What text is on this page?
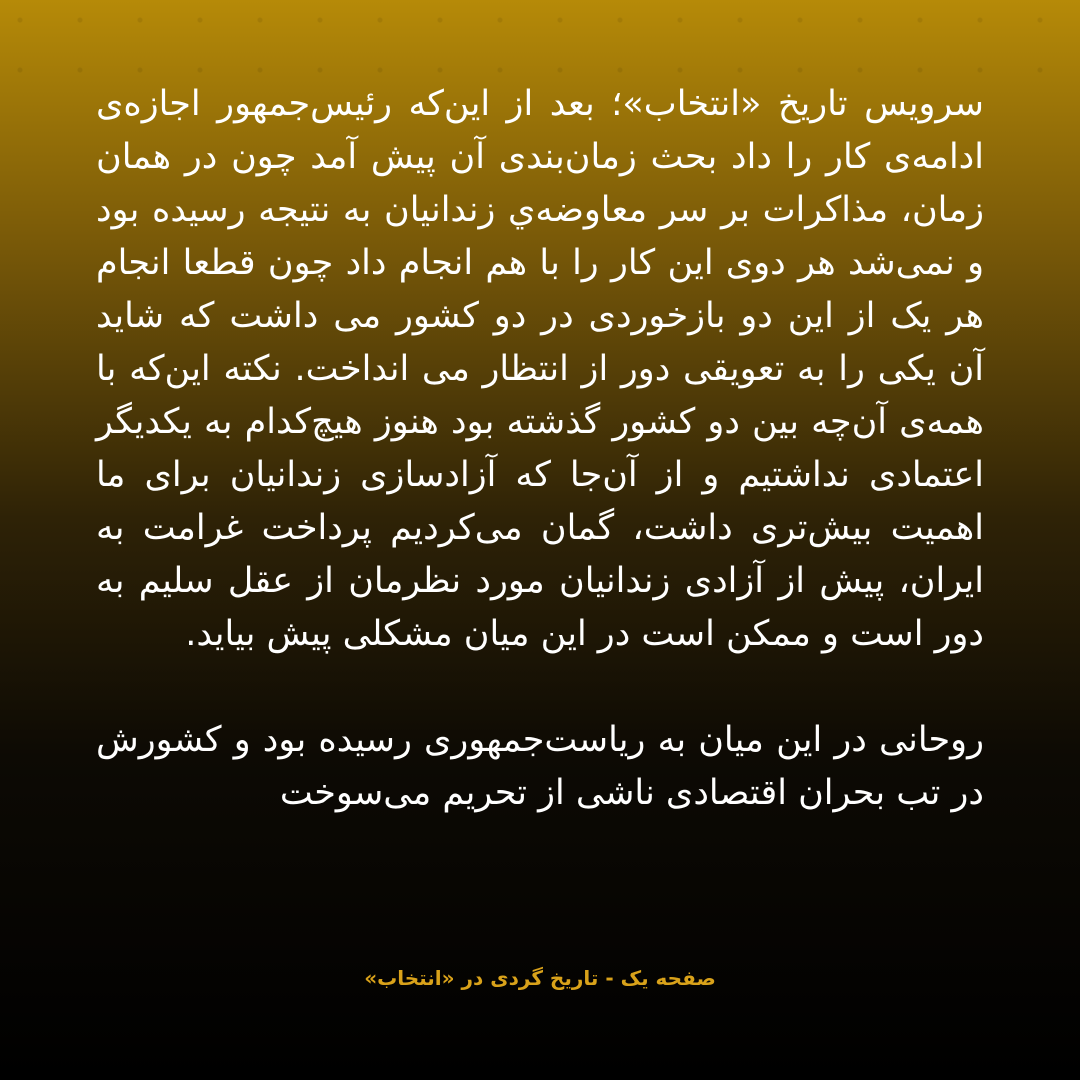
سرویس تاریخ «انتخاب»؛ بعد از این‌که رئیس‌جمهور اجازه‌ی ادامه‌ی کار را داد بحث زمان‌بندی آن پیش آمد چون در همان زمان، مذاکرات بر سر معاوضه‌ي زندانیان به نتیجه رسیده بود و نمی‌شد هر دوی این کار را با هم انجام داد چون قطعا انجام هر یک از این دو بازخوردی در دو کشور می داشت که شاید آن یکی را به تعویقی دور از انتظار می انداخت. نکته این‌که با همه‌ی آن‌چه بین دو کشور گذشته بود هنوز هیچ‌کدام به یکدیگر اعتمادی نداشتیم و از آن‌جا که آزادسازی زندانیان برای ما اهمیت بیش‌تری داشت، گمان می‌کردیم پرداخت غرامت به ایران، پیش از آزادی زندانیان مورد نظرمان از عقل سلیم به دور است و ممکن است در این میان مشکلی پیش بیاید.

روحانی در این میان به ریاست‌جمهوری رسیده بود و کشورش در تب بحران اقتصادی ناشی از تحریم می‌سوخت

صفحه یک - تاریخ گردی در «انتخاب»
